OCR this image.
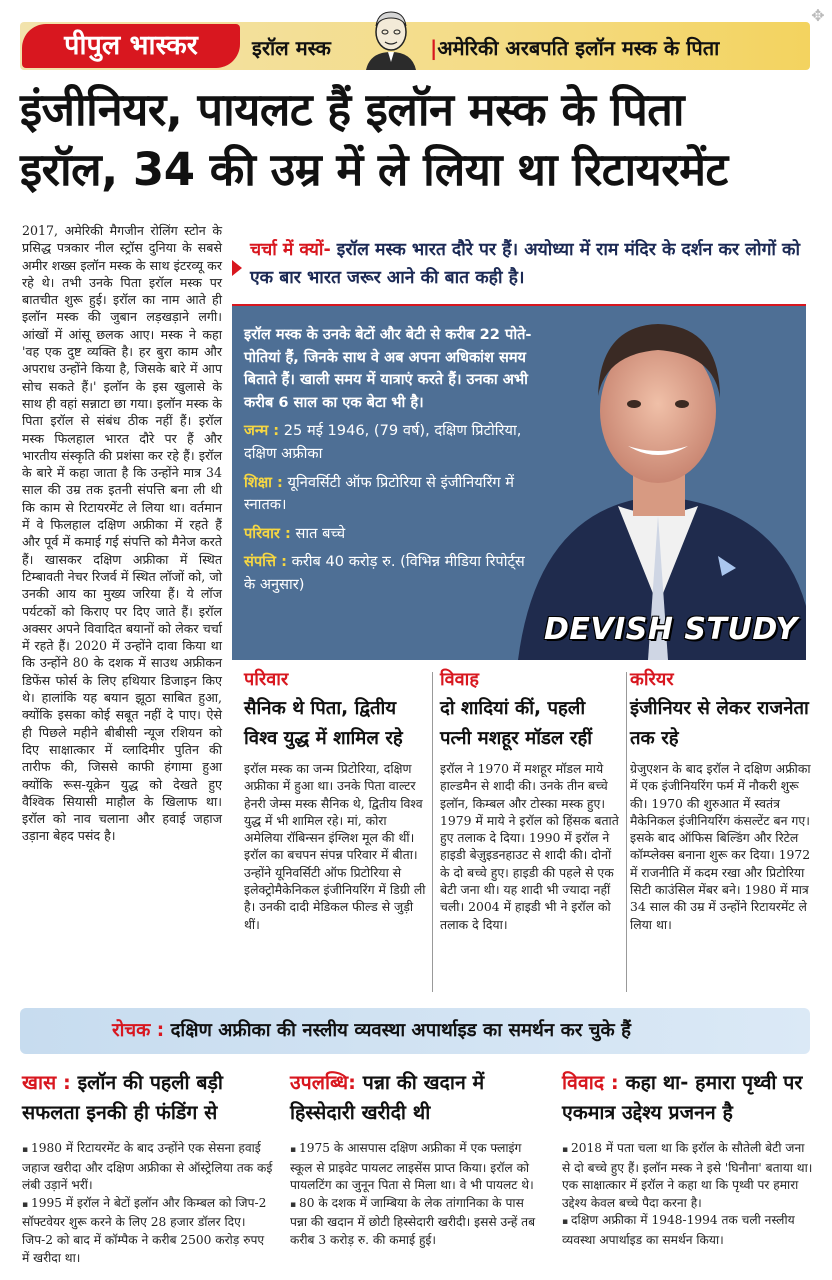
पीपुल भास्कर	इरॉल मस्क	|अमेरिकी अरबपति इलॉन मस्क के पिता
✥
इंजीनियर, पायलट हैं इलॉन मस्क के पिता
इरॉल, 34 की उम्र में ले लिया था रिटायरमेंट
2017, अमेरिकी मैगजीन रोलिंग स्टोन के प्रसिद्ध पत्रकार नील स्ट्रॉस दुनिया के सबसे अमीर शख्स इलॉन मस्क के साथ इंटरव्यू कर रहे थे। तभी उनके पिता इरॉल मस्क पर बातचीत शुरू हुई। इरॉल का नाम आते ही इलॉन मस्क की जुबान लड़खड़ाने लगी। आंखों में आंसू छलक आए। मस्क ने कहा 'वह एक दुष्ट व्यक्ति है। हर बुरा काम और अपराध उन्होंने किया है, जिसके बारे में आप सोच सकते हैं।' इलॉन के इस खुलासे के साथ ही वहां सन्नाटा छा गया। इलॉन मस्क के पिता इरॉल से संबंध ठीक नहीं हैं। इरॉल मस्क फिलहाल भारत दौरे पर हैं और भारतीय संस्कृति की प्रशंसा कर रहे हैं। इरॉल के बारे में कहा जाता है कि उन्होंने मात्र 34 साल की उम्र तक इतनी संपत्ति बना ली थी कि काम से रिटायरमेंट ले लिया था। वर्तमान में वे फिलहाल दक्षिण अफ्रीका में रहते हैं और पूर्व में कमाई गई संपत्ति को मैनेज करते हैं। खासकर दक्षिण अफ्रीका में स्थित टिम्बावती नेचर रिजर्व में स्थित लॉजों को, जो उनकी आय का मुख्य जरिया हैं। ये लॉज पर्यटकों को किराए पर दिए जाते हैं। इरॉल अक्सर अपने विवादित बयानों को लेकर चर्चा में रहते हैं। 2020 में उन्होंने दावा किया था कि उन्होंने 80 के दशक में साउथ अफ्रीकन डिफेंस फोर्स के लिए हथियार डिजाइन किए थे। हालांकि यह बयान झूठा साबित हुआ, क्योंकि इसका कोई सबूत नहीं दे पाए। ऐसे ही पिछले महीने बीबीसी न्यूज रशियन को दिए साक्षात्कार में व्लादिमीर पुतिन की तारीफ की, जिससे काफी हंगामा हुआ क्योंकि रूस-यूक्रेन युद्ध को देखते हुए वैश्विक सियासी माहौल के खिलाफ था। इरॉल को नाव चलाना और हवाई जहाज उड़ाना बेहद पसंद है।
चर्चा में क्यों- इरॉल मस्क भारत दौरे पर हैं। अयोध्या में राम मंदिर के दर्शन कर लोगों को एक बार भारत जरूर आने की बात कही है।

इरॉल मस्क के उनके बेटों और बेटी से करीब 22 पोते-पोतियां हैं, जिनके साथ वे अब अपना अधिकांश समय बिताते हैं। खाली समय में यात्राएं करते हैं। उनका अभी करीब 6 साल का एक बेटा भी है।

जन्म : 25 मई 1946, (79 वर्ष), दक्षिण प्रिटोरिया, दक्षिण अफ्रीका

शिक्षा : यूनिवर्सिटी ऑफ प्रिटोरिया से इंजीनियरिंग में स्नातक।

परिवार : सात बच्चे

संपत्ति : करीब 40 करोड़ रु. (विभिन्न मीडिया रिपोर्ट्स के अनुसार)

DEVISH STUDY
परिवार
सैनिक थे पिता, द्वितीय विश्व युद्ध में शामिल रहे
इरॉल मस्क का जन्म प्रिटोरिया, दक्षिण अफ्रीका में हुआ था। उनके पिता वाल्टर हेनरी जेम्स मस्क सैनिक थे, द्वितीय विश्व युद्ध में भी शामिल रहे। मां, कोरा अमेलिया रॉबिन्सन इंग्लिश मूल की थीं। इरॉल का बचपन संपन्न परिवार में बीता। उन्होंने यूनिवर्सिटी ऑफ प्रिटोरिया से इलेक्ट्रोमैकेनिकल इंजीनियरिंग में डिग्री ली है। उनकी दादी मेडिकल फील्ड से जुड़ी थीं।
विवाह
दो शादियां कीं, पहली पत्नी मशहूर मॉडल रहीं
इरॉल ने 1970 में मशहूर मॉडल माये हाल्डमैन से शादी की। उनके तीन बच्चे इलॉन, किम्बल और टोस्का मस्क हुए। 1979 में माये ने इरॉल को हिंसक बताते हुए तलाक दे दिया। 1990 में इरॉल ने हाइडी बेज़ुइडनहाउट से शादी की। दोनों के दो बच्चे हुए। हाइडी की पहले से एक बेटी जना थी। यह शादी भी ज्यादा नहीं चली। 2004 में हाइडी भी ने इरॉल को तलाक दे दिया।
करियर
इंजीनियर से लेकर राजनेता तक रहे
ग्रेजुएशन के बाद इरॉल ने दक्षिण अफ्रीका में एक इंजीनियरिंग फर्म में नौकरी शुरू की। 1970 की शुरुआत में स्वतंत्र मैकेनिकल इंजीनियरिंग कंसल्टेंट बन गए। इसके बाद ऑफिस बिल्डिंग और रिटेल कॉम्प्लेक्स बनाना शुरू कर दिया। 1972 में राजनीति में कदम रखा और प्रिटोरिया सिटी काउंसिल मेंबर बने। 1980 में मात्र 34 साल की उम्र में उन्होंने रिटायरमेंट ले लिया था।
रोचक : दक्षिण अफ्रीका की नस्लीय व्यवस्था अपार्थाइड का समर्थन कर चुके हैं
खास : इलॉन की पहली बड़ी सफलता इनकी ही फंडिंग से
▪ 1980 में रिटायरमेंट के बाद उन्होंने एक सेसना हवाई जहाज खरीदा और दक्षिण अफ्रीका से ऑस्ट्रेलिया तक कई लंबी उड़ानें भरीं।
▪ 1995 में इरॉल ने बेटों इलॉन और किम्बल को जिप-2 सॉफ्टवेयर शुरू करने के लिए 28 हजार डॉलर दिए। जिप-2 को बाद में कॉम्पैक ने करीब 2500 करोड़ रुपए में खरीदा था।
उपलब्धि: पन्ना की खदान में हिस्सेदारी खरीदी थी
▪ 1975 के आसपास दक्षिण अफ्रीका में एक फ्लाइंग स्कूल से प्राइवेट पायलट लाइसेंस प्राप्त किया। इरॉल को पायलटिंग का जुनून पिता से मिला था। वे भी पायलट थे।
▪ 80 के दशक में जाम्बिया के लेक तांगानिका के पास पन्ना की खदान में छोटी हिस्सेदारी खरीदी। इससे उन्हें तब करीब 3 करोड़ रु. की कमाई हुई।
विवाद : कहा था- हमारा पृथ्वी पर एकमात्र उद्देश्य प्रजनन है
▪ 2018 में पता चला था कि इरॉल के सौतेली बेटी जना से दो बच्चे हुए हैं। इलॉन मस्क ने इसे 'घिनौना' बताया था। एक साक्षात्कार में इरॉल ने कहा था कि पृथ्वी पर हमारा उद्देश्य केवल बच्चे पैदा करना है।
▪ दक्षिण अफ्रीका में 1948-1994 तक चली नस्लीय व्यवस्था अपार्थाइड का समर्थन किया।
